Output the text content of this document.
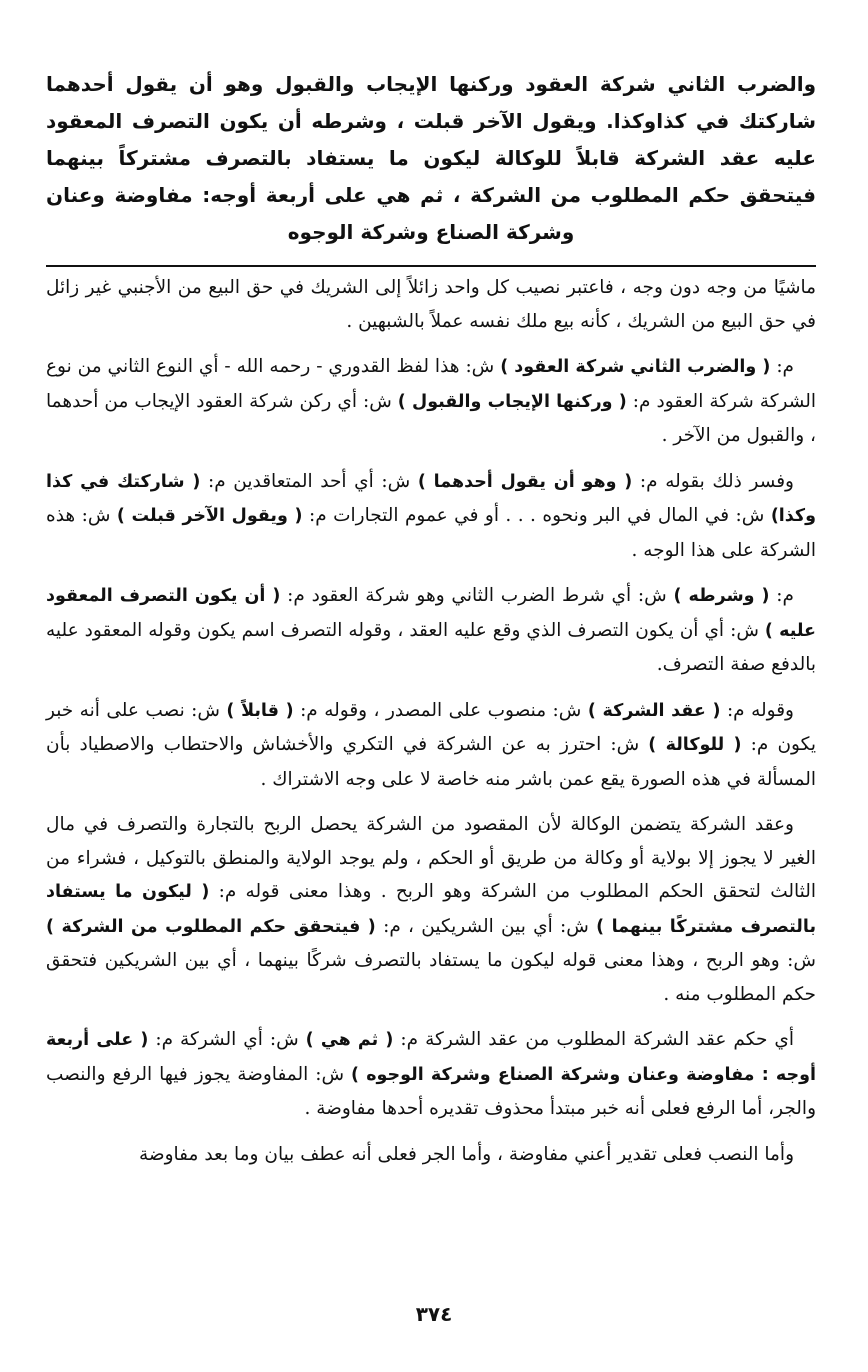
والضرب الثاني شركة العقود وركنها الإيجاب والقبول وهو أن يقول أحدهما شاركتك في كذاوكذا. ويقول الآخر قبلت ، وشرطه أن يكون التصرف المعقود عليه عقد الشركة قابلاً للوكالة ليكون ما يستفاد بالتصرف مشتركاً بينهما فيتحقق حكم المطلوب من الشركة ، ثم هي على أربعة أوجه: مفاوضة وعنان وشركة الصناع وشركة الوجوه

ماشيًا من وجه دون وجه ، فاعتبر نصيب كل واحد زائلاً إلى الشريك في حق البيع من الأجنبي غير زائل في حق البيع من الشريك ، كأنه بيع ملك نفسه عملاً بالشبهين .

م: ( والضرب الثاني شركة العقود ) ش: هذا لفظ القدوري - رحمه الله - أي النوع الثاني من نوع الشركة شركة العقود م: ( وركنها الإيجاب والقبول ) ش: أي ركن شركة العقود الإيجاب من أحدهما ، والقبول من الآخر .

وفسر ذلك بقوله م: ( وهو أن يقول أحدهما ) ش: أي أحد المتعاقدين م: ( شاركتك في كذا وكذا) ش: في المال في البر ونحوه . . . أو في عموم التجارات م: ( ويقول الآخر قبلت ) ش: هذه الشركة على هذا الوجه .

م: ( وشرطه ) ش: أي شرط الضرب الثاني وهو شركة العقود م: ( أن يكون التصرف المعقود عليه ) ش: أي أن يكون التصرف الذي وقع عليه العقد ، وقوله التصرف اسم يكون وقوله المعقود عليه بالدفع صفة التصرف.

وقوله م: ( عقد الشركة ) ش: منصوب على المصدر ، وقوله م: ( قابلاً ) ش: نصب على أنه خبر يكون م: ( للوكالة ) ش: احترز به عن الشركة في التكري والأخشاش والاحتطاب والاصطياد بأن المسألة في هذه الصورة يقع عمن باشر منه خاصة لا على وجه الاشتراك .

وعقد الشركة يتضمن الوكالة لأن المقصود من الشركة يحصل الربح بالتجارة والتصرف في مال الغير لا يجوز إلا بولاية أو وكالة من طريق أو الحكم ، ولم يوجد الولاية والمنطق بالتوكيل ، فشراء من الثالث لتحقق الحكم المطلوب من الشركة وهو الربح . وهذا معنى قوله م: ( ليكون ما يستفاد بالتصرف مشتركًا بينهما ) ش: أي بين الشريكين ، م: ( فيتحقق حكم المطلوب من الشركة ) ش: وهو الربح ، وهذا معنى قوله ليكون ما يستفاد بالتصرف شركًا بينهما ، أي بين الشريكين فتحقق حكم المطلوب منه .

أي حكم عقد الشركة المطلوب من عقد الشركة م: ( ثم هي ) ش: أي الشركة م: ( على أربعة أوجه : مفاوضة وعنان وشركة الصناع وشركة الوجوه ) ش: المفاوضة يجوز فيها الرفع والنصب والجر، أما الرفع فعلى أنه خبر مبتدأ محذوف تقديره أحدها مفاوضة .

وأما النصب فعلى تقدير أعني مفاوضة ، وأما الجر فعلى أنه عطف بيان وما بعد مفاوضة

٣٧٤
